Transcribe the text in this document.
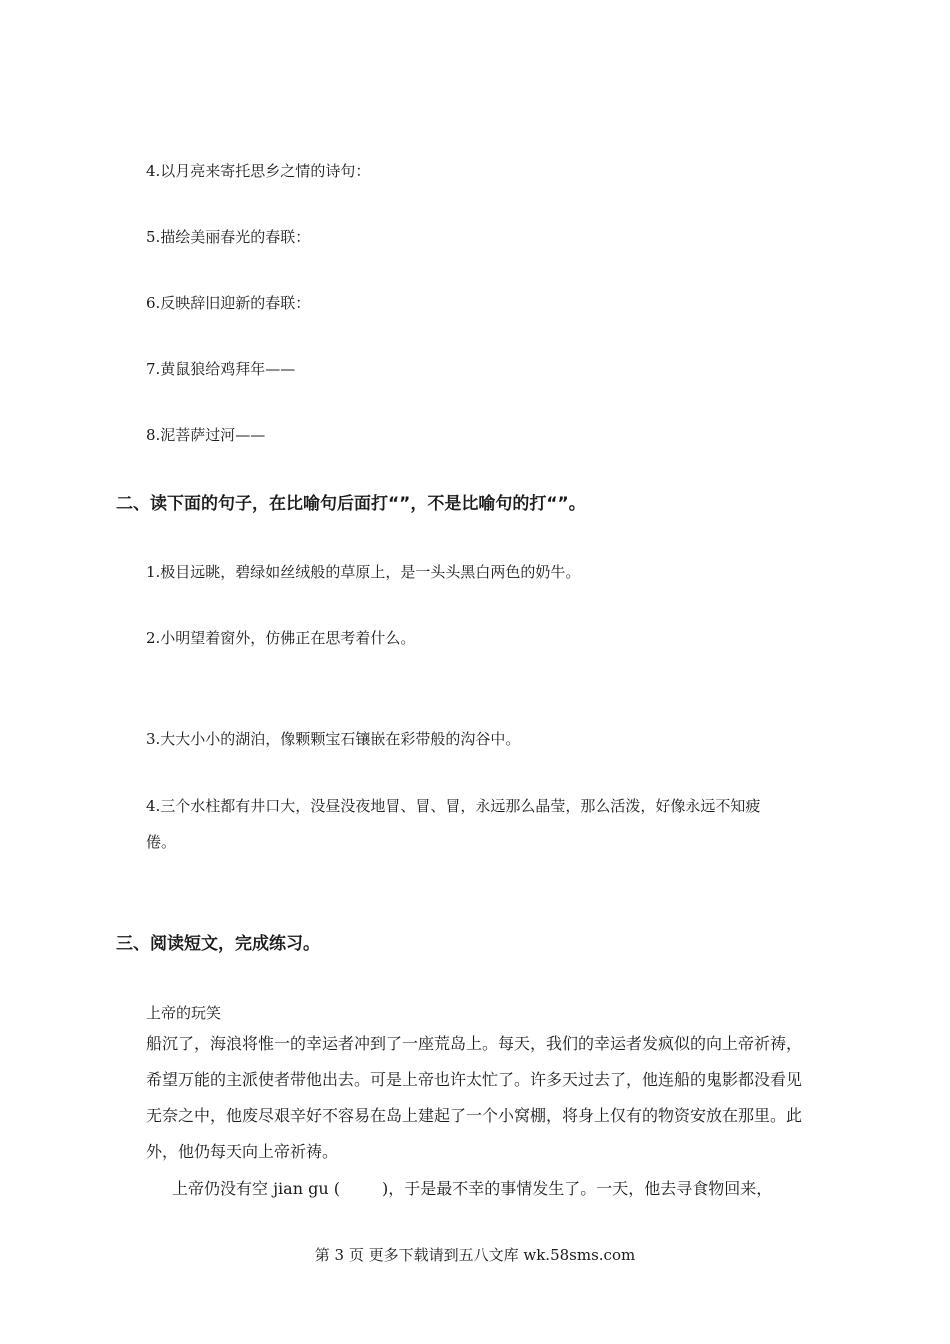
4.以月亮来寄托思乡之情的诗句：
5.描绘美丽春光的春联：
6.反映辞旧迎新的春联：
7.黄鼠狼给鸡拜年——
8.泥菩萨过河——
二、读下面的句子，在比喻句后面打“”，不是比喻句的打“”。
1.极目远眺，碧绿如丝绒般的草原上，是一头头黑白两色的奶牛。
2.小明望着窗外，仿佛正在思考着什么。
3.大大小小的湖泊，像颗颗宝石镶嵌在彩带般的沟谷中。
4.三个水柱都有井口大，没昼没夜地冒、冒、冒，永远那么晶莹，那么活泼，好像永远不知疲
倦。
三、阅读短文，完成练习。
上帝的玩笑
船沉了，海浪将惟一的幸运者冲到了一座荒岛上。每天，我们的幸运者发疯似的向上帝祈祷，
希望万能的主派使者带他出去。可是上帝也许太忙了。许多天过去了，他连船的鬼影都没看见
无奈之中，他废尽艰辛好不容易在岛上建起了一个小窝棚，将身上仅有的物资安放在那里。此
外，他仍每天向上帝祈祷。
上帝仍没有空 jian gu (	)，于是最不幸的事情发生了。一天，他去寻食物回来，
第 3 页 更多下载请到五八文库 wk.58sms.com
